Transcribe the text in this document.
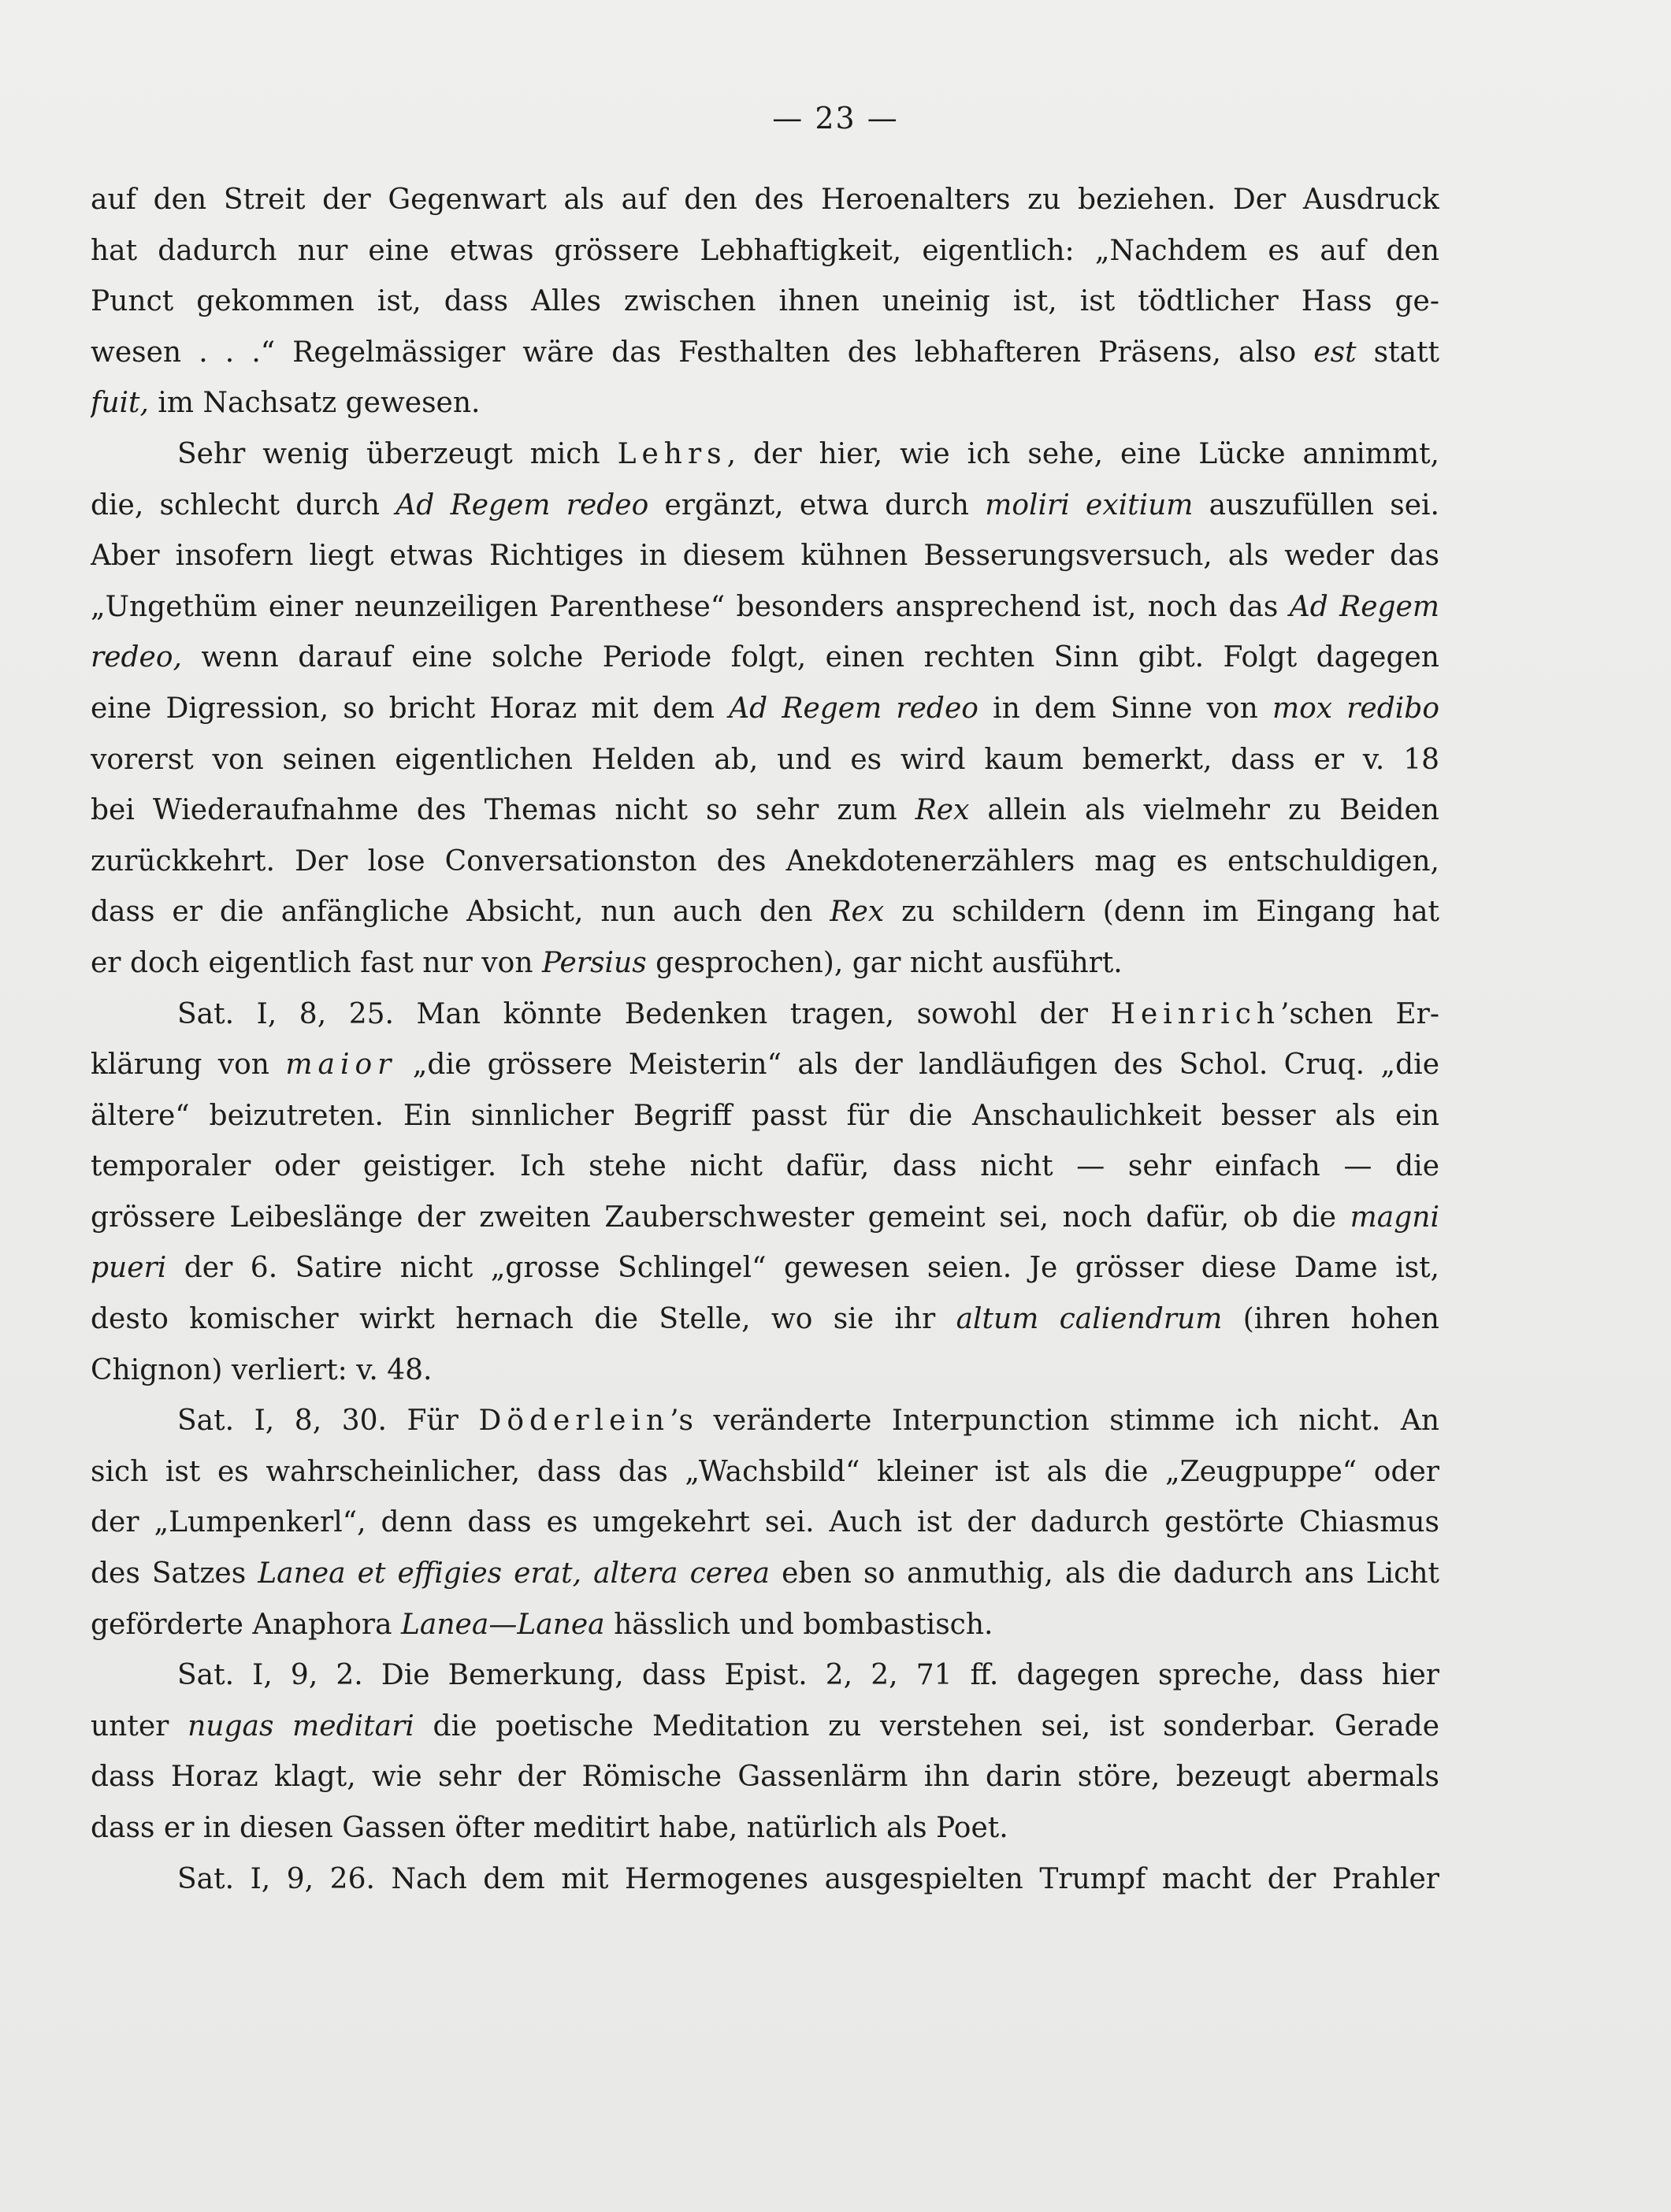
— 23 —
auf den Streit der Gegenwart als auf den des Heroenalters zu beziehen. Der Ausdruck
hat dadurch nur eine etwas grössere Lebhaftigkeit, eigentlich: „Nachdem es auf den
Punct gekommen ist, dass Alles zwischen ihnen uneinig ist, ist tödtlicher Hass ge-
wesen . . .“ Regelmässiger wäre das Festhalten des lebhafteren Präsens, also est statt
fuit, im Nachsatz gewesen.
Sehr wenig überzeugt mich Lehrs, der hier, wie ich sehe, eine Lücke annimmt,
die, schlecht durch Ad Regem redeo ergänzt, etwa durch moliri exitium auszufüllen sei.
Aber insofern liegt etwas Richtiges in diesem kühnen Besserungsversuch, als weder das
„Ungethüm einer neunzeiligen Parenthese“ besonders ansprechend ist, noch das Ad Regem
redeo, wenn darauf eine solche Periode folgt, einen rechten Sinn gibt. Folgt dagegen
eine Digression, so bricht Horaz mit dem Ad Regem redeo in dem Sinne von mox redibo
vorerst von seinen eigentlichen Helden ab, und es wird kaum bemerkt, dass er v. 18
bei Wiederaufnahme des Themas nicht so sehr zum Rex allein als vielmehr zu Beiden
zurückkehrt. Der lose Conversationston des Anekdotenerzählers mag es entschuldigen,
dass er die anfängliche Absicht, nun auch den Rex zu schildern (denn im Eingang hat
er doch eigentlich fast nur von Persius gesprochen), gar nicht ausführt.
Sat. I, 8, 25. Man könnte Bedenken tragen, sowohl der Heinrich’schen Er-
klärung von maior „die grössere Meisterin“ als der landläufigen des Schol. Cruq. „die
ältere“ beizutreten. Ein sinnlicher Begriff passt für die Anschaulichkeit besser als ein
temporaler oder geistiger. Ich stehe nicht dafür, dass nicht — sehr einfach — die
grössere Leibeslänge der zweiten Zauberschwester gemeint sei, noch dafür, ob die magni
pueri der 6. Satire nicht „grosse Schlingel“ gewesen seien. Je grösser diese Dame ist,
desto komischer wirkt hernach die Stelle, wo sie ihr altum caliendrum (ihren hohen
Chignon) verliert: v. 48.
Sat. I, 8, 30. Für Döderlein’s veränderte Interpunction stimme ich nicht. An
sich ist es wahrscheinlicher, dass das „Wachsbild“ kleiner ist als die „Zeugpuppe“ oder
der „Lumpenkerl“, denn dass es umgekehrt sei. Auch ist der dadurch gestörte Chiasmus
des Satzes Lanea et effigies erat, altera cerea eben so anmuthig, als die dadurch ans Licht
geförderte Anaphora Lanea—Lanea hässlich und bombastisch.
Sat. I, 9, 2. Die Bemerkung, dass Epist. 2, 2, 71 ff. dagegen spreche, dass hier
unter nugas meditari die poetische Meditation zu verstehen sei, ist sonderbar. Gerade
dass Horaz klagt, wie sehr der Römische Gassenlärm ihn darin störe, bezeugt abermals
dass er in diesen Gassen öfter meditirt habe, natürlich als Poet.
Sat. I, 9, 26. Nach dem mit Hermogenes ausgespielten Trumpf macht der Prahler
